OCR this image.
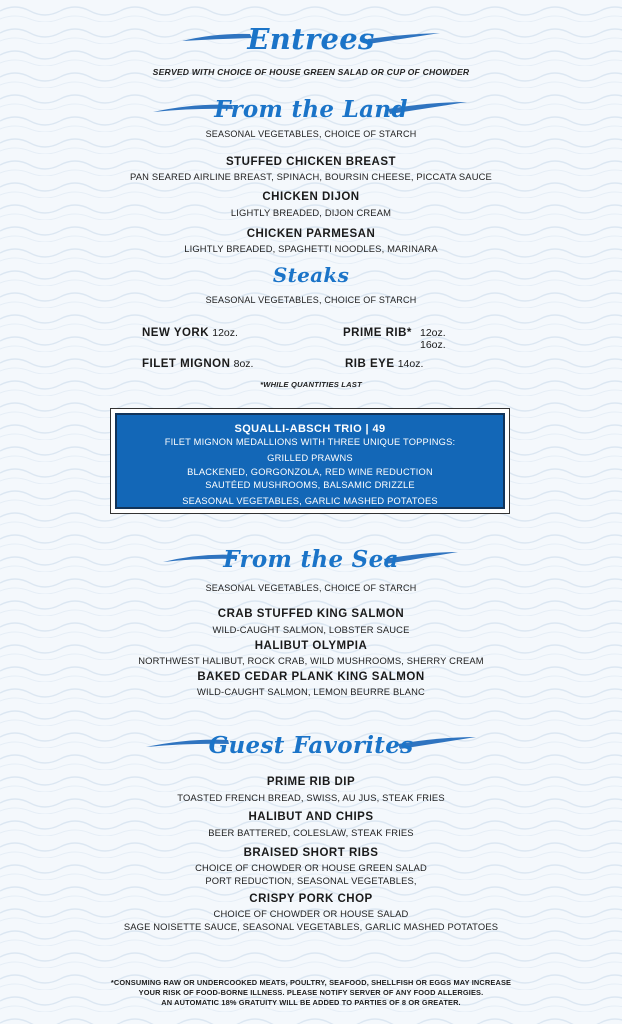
Entrees
SERVED WITH CHOICE OF HOUSE GREEN SALAD OR CUP OF CHOWDER
From the Land
SEASONAL VEGETABLES, CHOICE OF STARCH
STUFFED CHICKEN BREAST
PAN SEARED AIRLINE BREAST, SPINACH, BOURSIN CHEESE, PICCATA SAUCE
CHICKEN DIJON
LIGHTLY BREADED, DIJON CREAM
CHICKEN PARMESAN
LIGHTLY BREADED, SPAGHETTI NOODLES, MARINARA
Steaks
SEASONAL VEGETABLES, CHOICE OF STARCH
NEW YORK 12oz.	PRIME RIB* 12oz.
16oz.
FILET MIGNON 8oz.	RIB EYE 14oz.
*WHILE QUANTITIES LAST
SQUALLI-ABSCH TRIO | 49
FILET MIGNON MEDALLIONS WITH THREE UNIQUE TOPPINGS:
GRILLED PRAWNS
BLACKENED, GORGONZOLA, RED WINE REDUCTION
SAUTÉED MUSHROOMS, BALSAMIC DRIZZLE
SEASONAL VEGETABLES, GARLIC MASHED POTATOES
From the Sea
SEASONAL VEGETABLES, CHOICE OF STARCH
CRAB STUFFED KING SALMON
WILD-CAUGHT SALMON, LOBSTER SAUCE
HALIBUT OLYMPIA
NORTHWEST HALIBUT, ROCK CRAB, WILD MUSHROOMS, SHERRY CREAM
BAKED CEDAR PLANK KING SALMON
WILD-CAUGHT SALMON, LEMON BEURRE BLANC
Guest Favorites
PRIME RIB DIP
TOASTED FRENCH BREAD, SWISS, AU JUS, STEAK FRIES
HALIBUT AND CHIPS
BEER BATTERED, COLESLAW, STEAK FRIES
BRAISED SHORT RIBS
CHOICE OF CHOWDER OR HOUSE GREEN SALAD
PORT REDUCTION, SEASONAL VEGETABLES,
CRISPY PORK CHOP
CHOICE OF CHOWDER OR HOUSE SALAD
SAGE NOISETTE SAUCE, SEASONAL VEGETABLES, GARLIC MASHED POTATOES
*CONSUMING RAW OR UNDERCOOKED MEATS, POULTRY, SEAFOOD, SHELLFISH OR EGGS MAY INCREASE
YOUR RISK OF FOOD-BORNE ILLNESS. PLEASE NOTIFY SERVER OF ANY FOOD ALLERGIES.
AN AUTOMATIC 18% GRATUITY WILL BE ADDED TO PARTIES OF 8 OR GREATER.
